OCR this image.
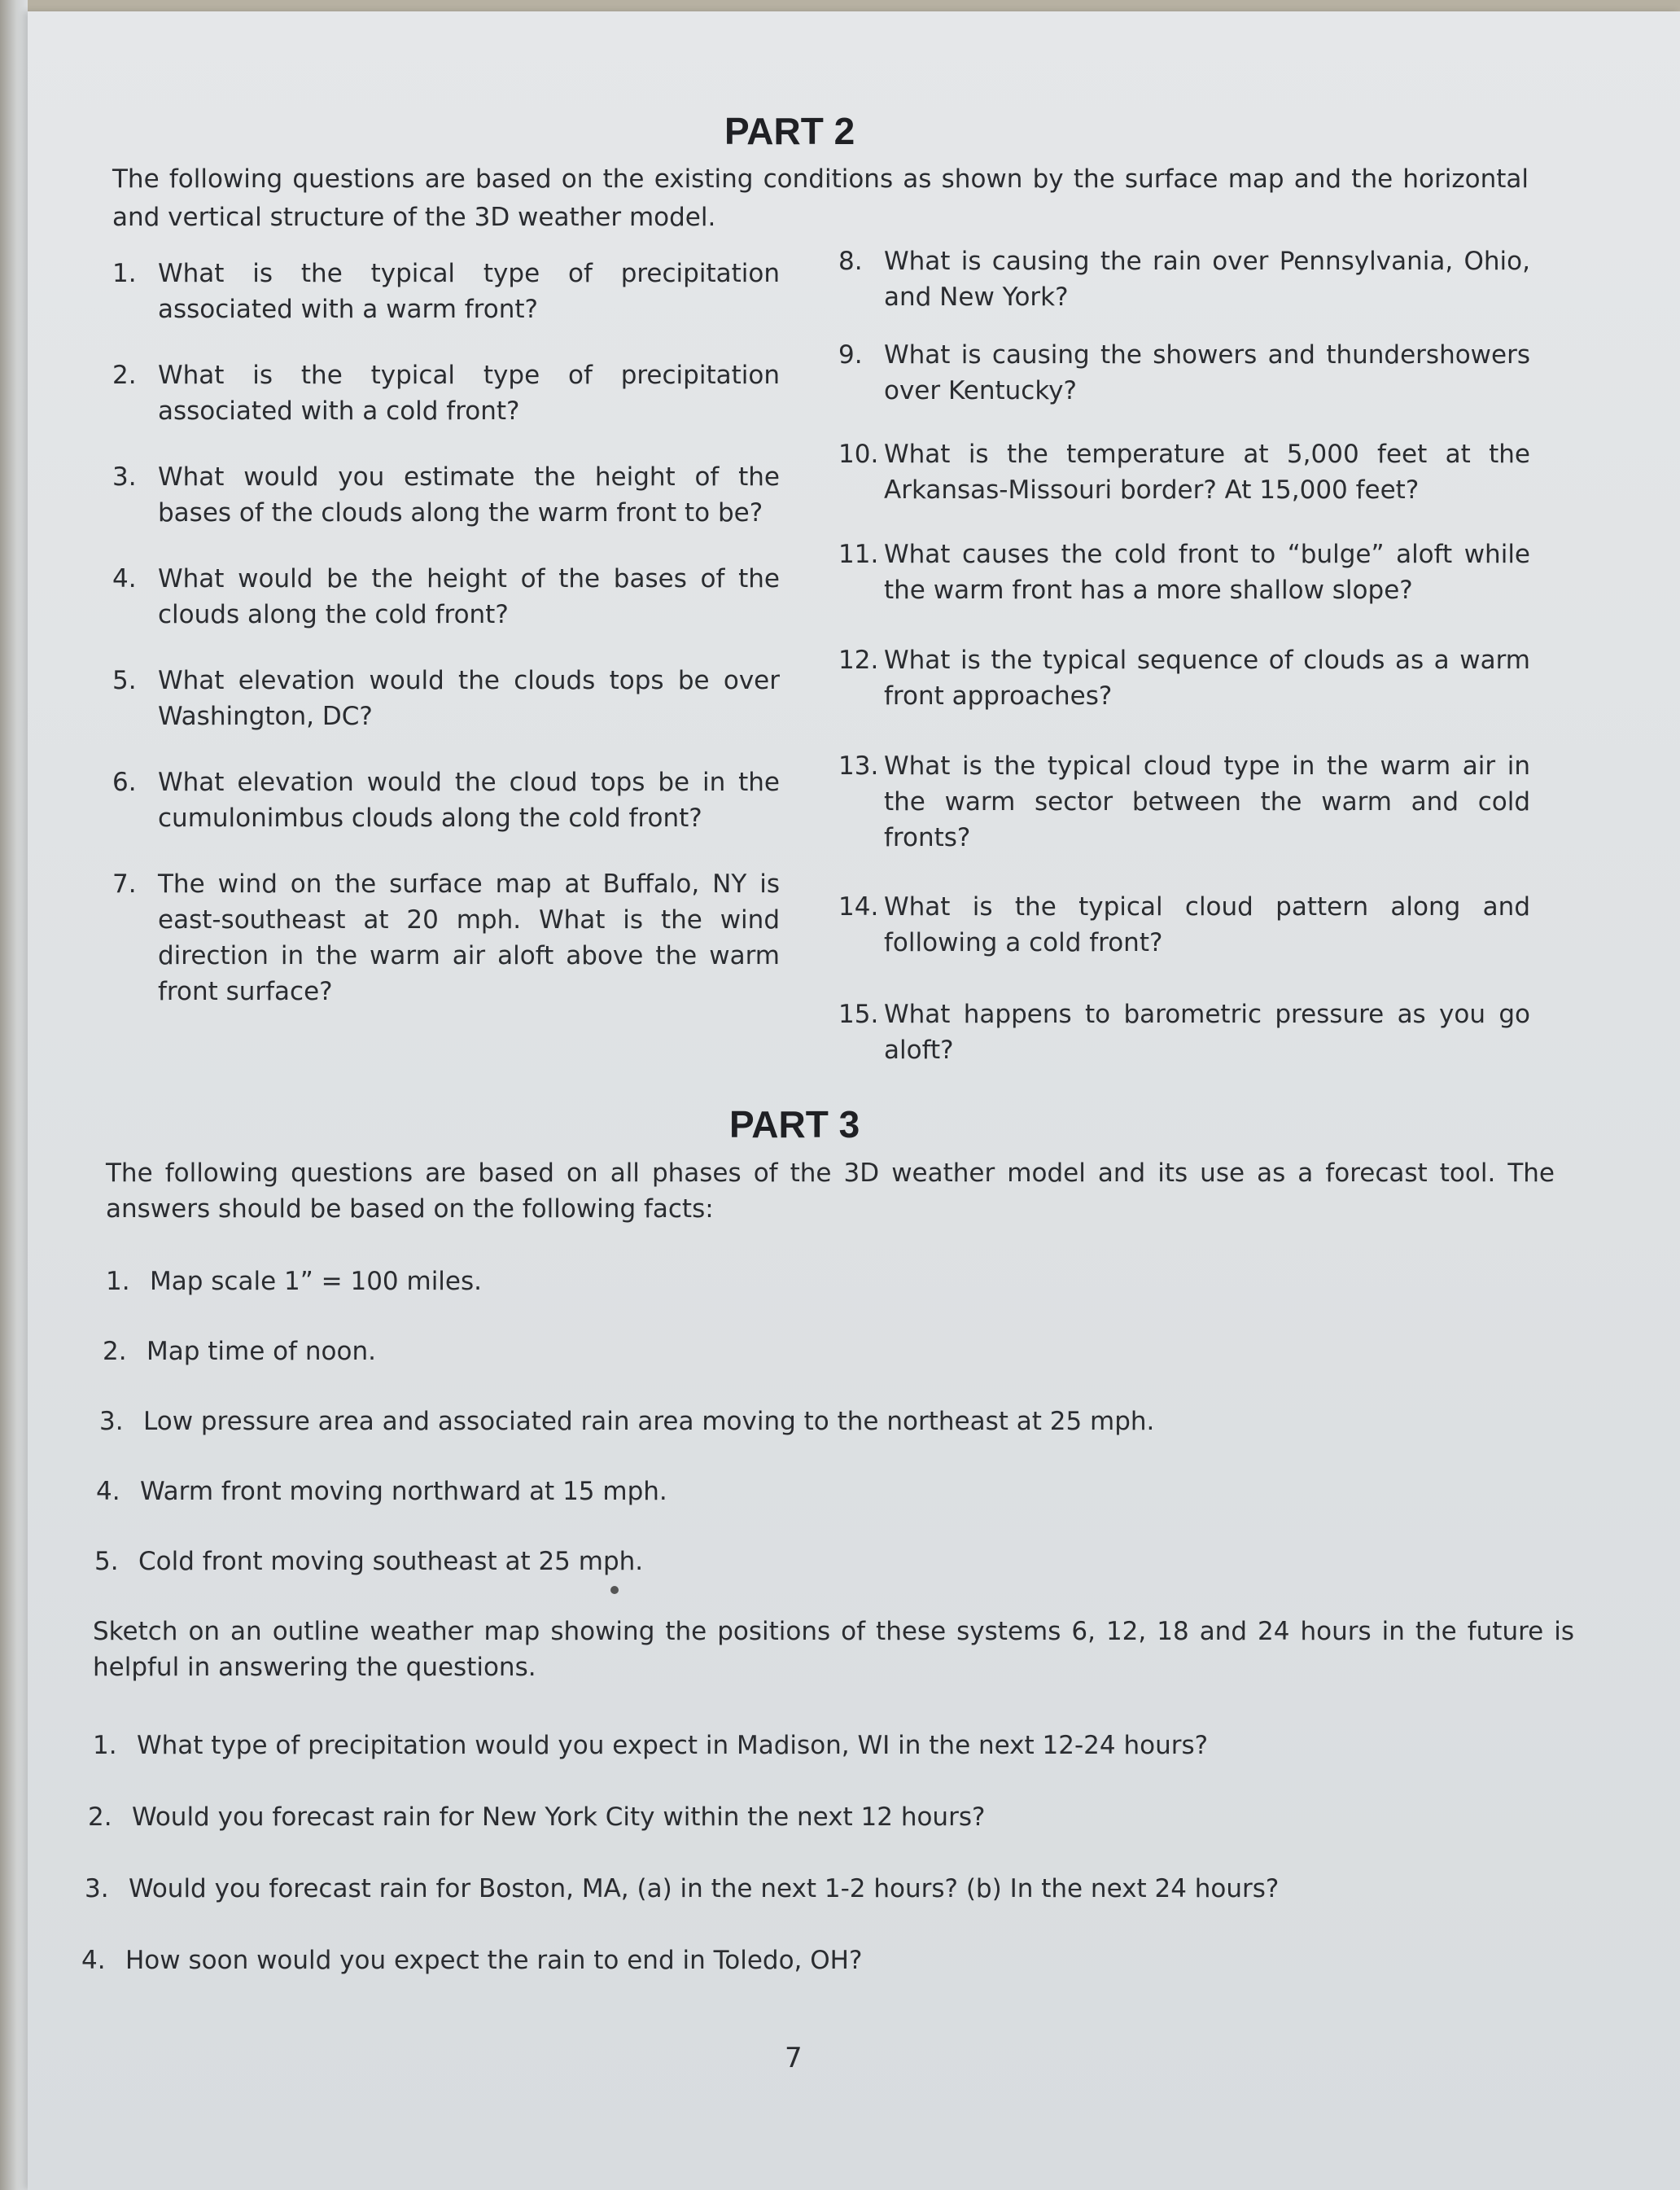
PART 2

The following questions are based on the existing conditions as shown by the surface map and the horizontal and vertical structure of the 3D weather model.

1. What is the typical type of precipitation associated with a warm front?
2. What is the typical type of precipitation associated with a cold front?
3. What would you estimate the height of the bases of the clouds along the warm front to be?
4. What would be the height of the bases of the clouds along the cold front?
5. What elevation would the clouds tops be over Washington, DC?
6. What elevation would the cloud tops be in the cumulonimbus clouds along the cold front?
7. The wind on the surface map at Buffalo, NY is east-southeast at 20 mph. What is the wind direction in the warm air aloft above the warm front surface?
8. What is causing the rain over Pennsylvania, Ohio, and New York?
9. What is causing the showers and thundershowers over Kentucky?
10. What is the temperature at 5,000 feet at the Arkansas-Missouri border? At 15,000 feet?
11. What causes the cold front to “bulge” aloft while the warm front has a more shallow slope?
12. What is the typical sequence of clouds as a warm front approaches?
13. What is the typical cloud type in the warm air in the warm sector between the warm and cold fronts?
14. What is the typical cloud pattern along and following a cold front?
15. What happens to barometric pressure as you go aloft?
PART 3

The following questions are based on all phases of the 3D weather model and its use as a forecast tool. The answers should be based on the following facts:

1. Map scale 1” = 100 miles.
2. Map time of noon.
3. Low pressure area and associated rain area moving to the northeast at 25 mph.
4. Warm front moving northward at 15 mph.
5. Cold front moving southeast at 25 mph.

Sketch on an outline weather map showing the positions of these systems 6, 12, 18 and 24 hours in the future is helpful in answering the questions.

1. What type of precipitation would you expect in Madison, WI in the next 12-24 hours?
2. Would you forecast rain for New York City within the next 12 hours?
3. Would you forecast rain for Boston, MA, (a) in the next 1-2 hours? (b) In the next 24 hours?
4. How soon would you expect the rain to end in Toledo, OH?

7
